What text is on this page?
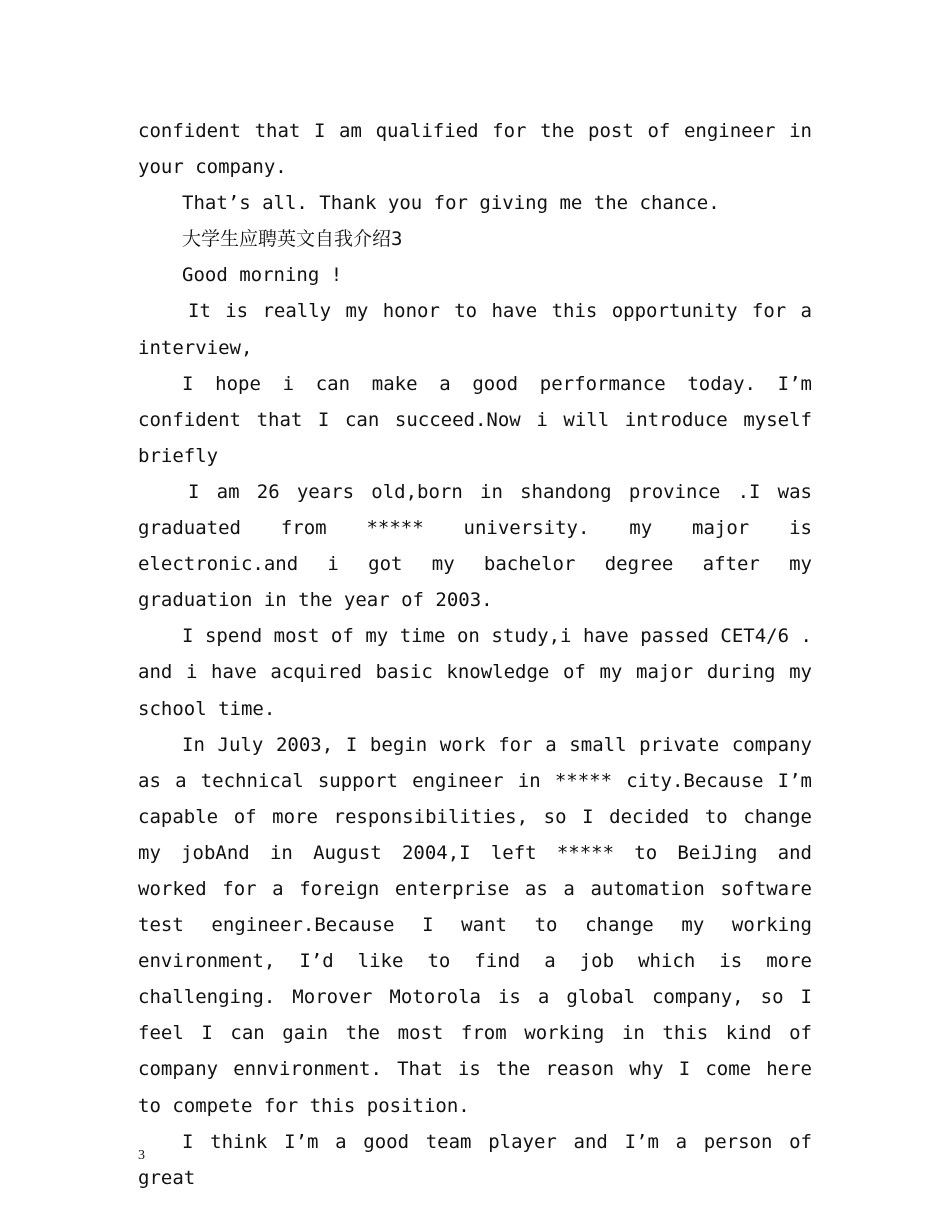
confident that I am qualified for the post of engineer in your company.

That’s all. Thank you for giving me the chance.

大学生应聘英文自我介绍3

Good morning !

It is really my honor to have this opportunity for a interview,

I hope i can make a good performance today. I’m confident that I can succeed.Now i will introduce myself briefly

I am 26 years old,born in shandong province .I was graduated from ***** university. my major is electronic.and i got my bachelor degree after my graduation in the year of 2003.

I spend most of my time on study,i have passed CET4/6 . and i have acquired basic knowledge of my major during my school time.

In July 2003, I begin work for a small private company as a technical support engineer in ***** city.Because I’m capable of more responsibilities, so I decided to change my jobAnd in August 2004,I left ***** to BeiJing and worked for a foreign enterprise as a automation software test engineer.Because I want to change my working environment, I’d like to find a job which is more challenging. Morover Motorola is a global company, so I feel I can gain the most from working in this kind of company ennvironment. That is the reason why I come here to compete for this position.

I think I’m a good team player and I’m a person of great

3
